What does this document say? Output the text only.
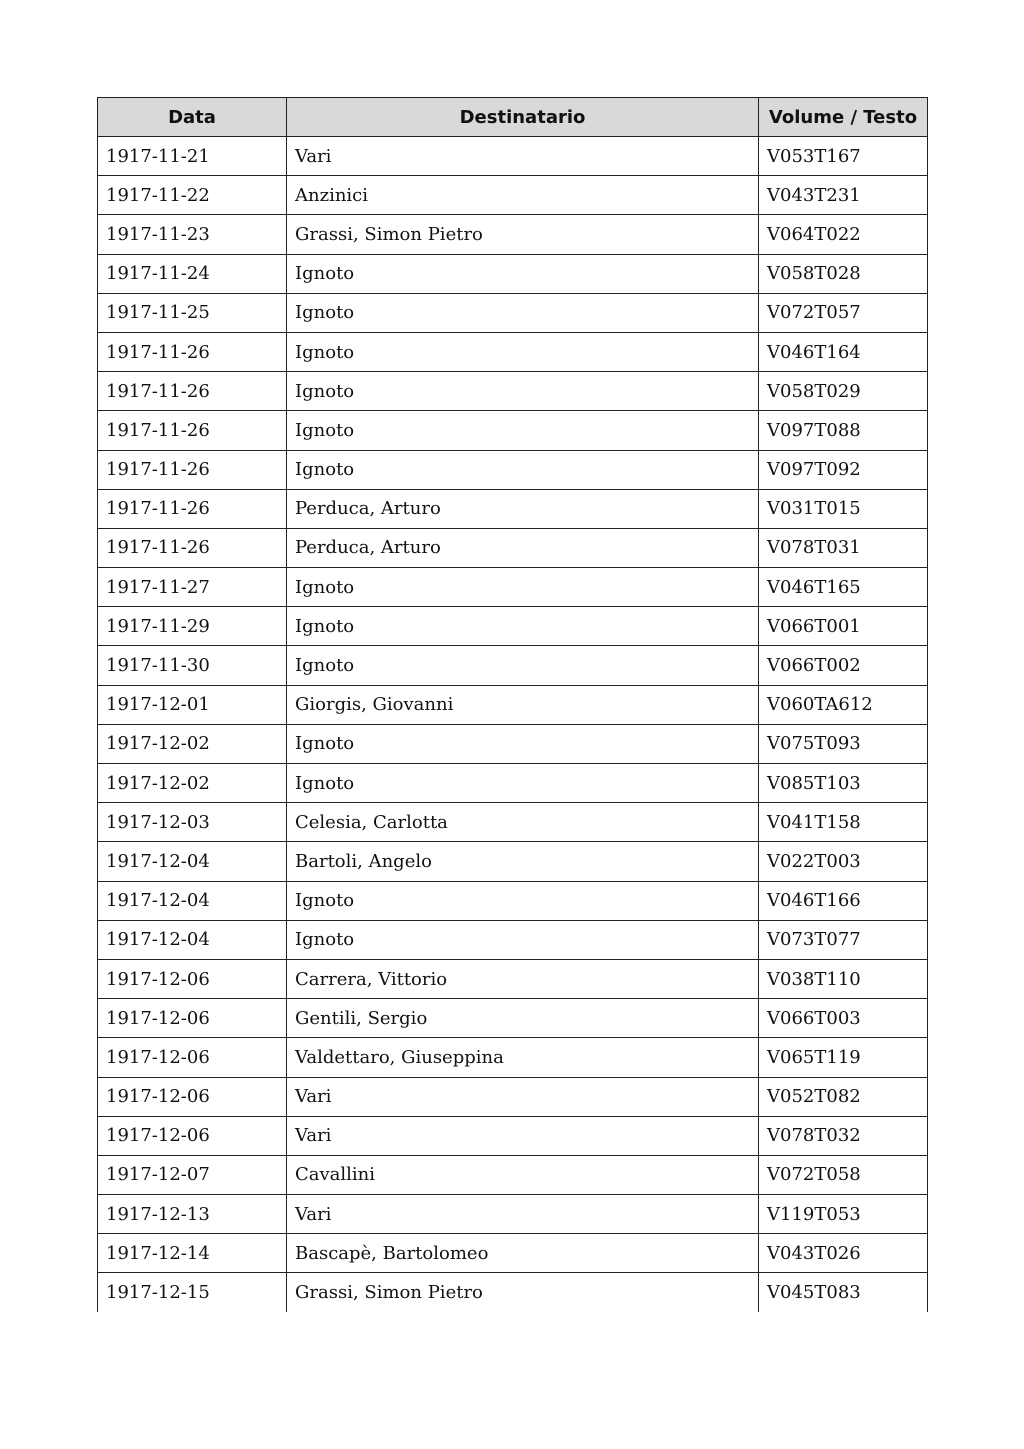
Data	Destinatario	Volume / Testo
1917-11-21	Vari	V053T167
1917-11-22	Anzinici	V043T231
1917-11-23	Grassi, Simon Pietro	V064T022
1917-11-24	Ignoto	V058T028
1917-11-25	Ignoto	V072T057
1917-11-26	Ignoto	V046T164
1917-11-26	Ignoto	V058T029
1917-11-26	Ignoto	V097T088
1917-11-26	Ignoto	V097T092
1917-11-26	Perduca, Arturo	V031T015
1917-11-26	Perduca, Arturo	V078T031
1917-11-27	Ignoto	V046T165
1917-11-29	Ignoto	V066T001
1917-11-30	Ignoto	V066T002
1917-12-01	Giorgis, Giovanni	V060TA612
1917-12-02	Ignoto	V075T093
1917-12-02	Ignoto	V085T103
1917-12-03	Celesia, Carlotta	V041T158
1917-12-04	Bartoli, Angelo	V022T003
1917-12-04	Ignoto	V046T166
1917-12-04	Ignoto	V073T077
1917-12-06	Carrera, Vittorio	V038T110
1917-12-06	Gentili, Sergio	V066T003
1917-12-06	Valdettaro, Giuseppina	V065T119
1917-12-06	Vari	V052T082
1917-12-06	Vari	V078T032
1917-12-07	Cavallini	V072T058
1917-12-13	Vari	V119T053
1917-12-14	Bascapè, Bartolomeo	V043T026
1917-12-15	Grassi, Simon Pietro	V045T083
